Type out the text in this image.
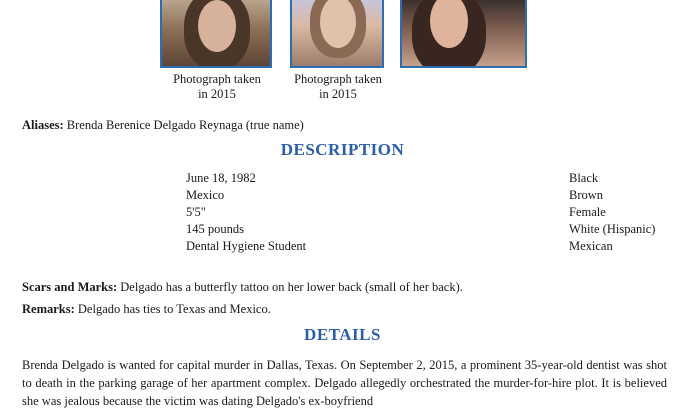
Photograph taken
in 2015
Photograph taken
in 2015
Aliases: Brenda Berenice Delgado Reynaga (true name)
DESCRIPTION
June 18, 1982
Mexico
5'5"
145 pounds
Dental Hygiene Student
Black
Brown
Female
White (Hispanic)
Mexican
Scars and Marks: Delgado has a butterfly tattoo on her lower back (small of her back).
Remarks: Delgado has ties to Texas and Mexico.
DETAILS
Brenda Delgado is wanted for capital murder in Dallas, Texas. On September 2, 2015, a prominent 35-year-old dentist was shot to death in the parking garage of her apartment complex. Delgado allegedly orchestrated the murder-for-hire plot. It is believed she was jealous because the victim was dating Delgado's ex-boyfriend
